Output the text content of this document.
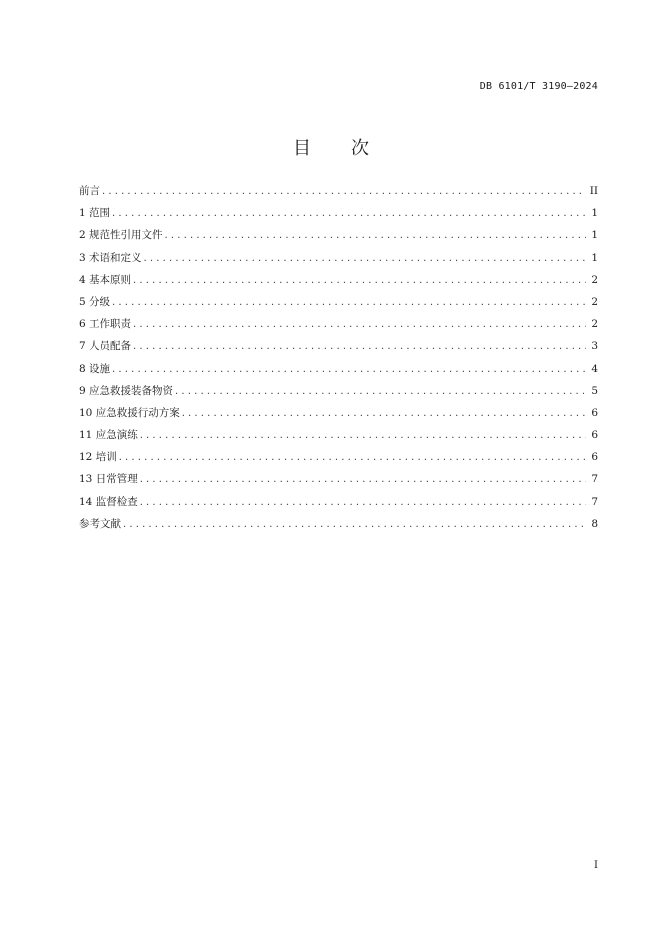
DB 6101/T 3190—2024
目 次
前言 . . .	II
1 范围 . . .	1
2 规范性引用文件 . . .	1
3 术语和定义 . . .	1
4 基本原则 . . .	2
5 分级 . . .	2
6 工作职责 . . .	2
7 人员配备 . . .	3
8 设施 . . .	4
9 应急救援装备物资 . . .	5
10 应急救援行动方案 . . .	6
11 应急演练 . . .	6
12 培训 . . .	6
13 日常管理 . . .	7
14 监督检查 . . .	7
参考文献 . . .	8
I
